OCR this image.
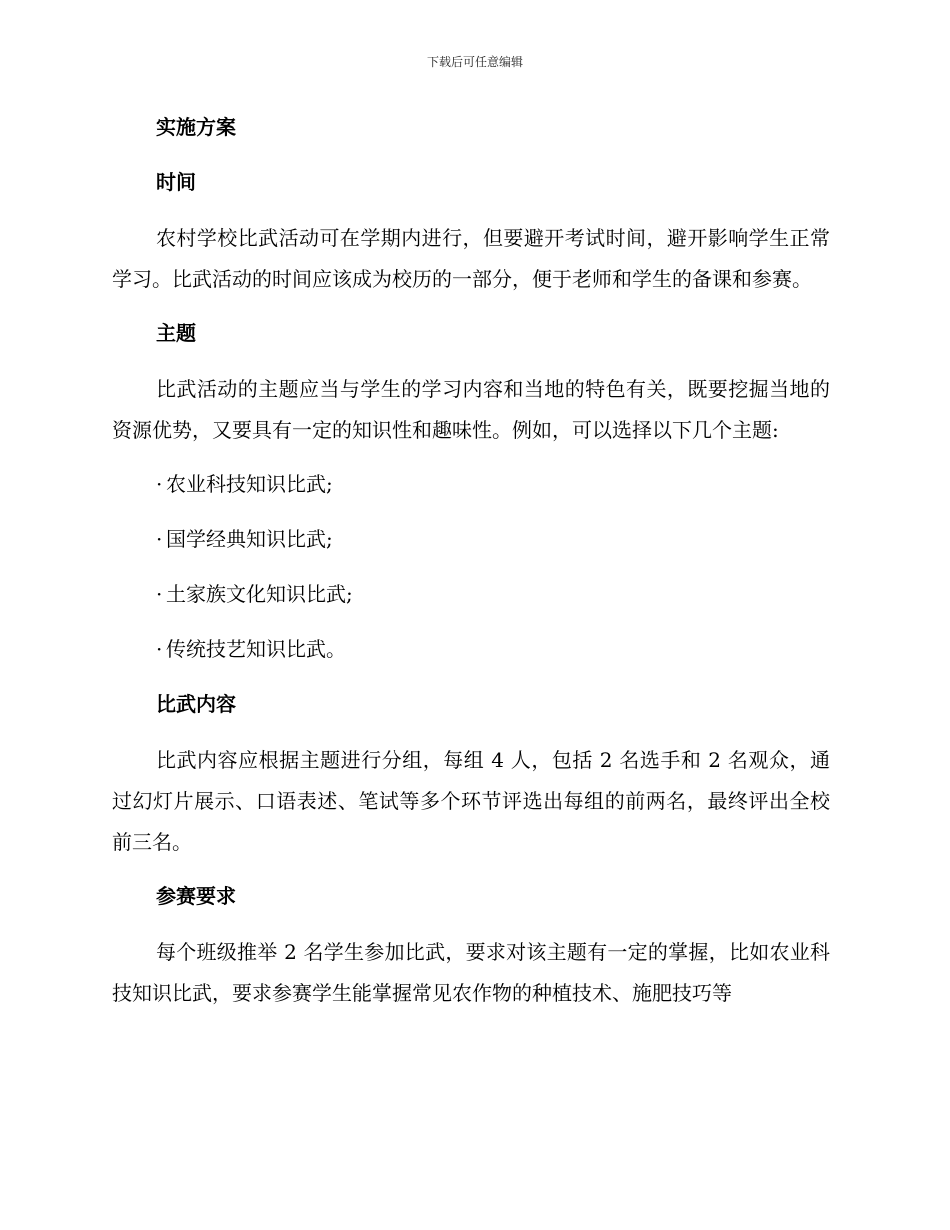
下载后可任意编辑
实施方案
时间

农村学校比武活动可在学期内进行，但要避开考试时间，避开影响学生正常学习。比武活动的时间应该成为校历的一部分，便于老师和学生的备课和参赛。

主题

比武活动的主题应当与学生的学习内容和当地的特色有关，既要挖掘当地的资源优势，又要具有一定的知识性和趣味性。例如，可以选择以下几个主题:

· 农业科技知识比武;

· 国学经典知识比武;

· 土家族文化知识比武;

· 传统技艺知识比武。

比武内容

比武内容应根据主题进行分组，每组 4 人，包括 2 名选手和 2 名观众，通过幻灯片展示、口语表述、笔试等多个环节评选出每组的前两名，最终评出全校前三名。

参赛要求

每个班级推举 2 名学生参加比武，要求对该主题有一定的掌握，比如农业科技知识比武，要求参赛学生能掌握常见农作物的种植技术、施肥技巧等
